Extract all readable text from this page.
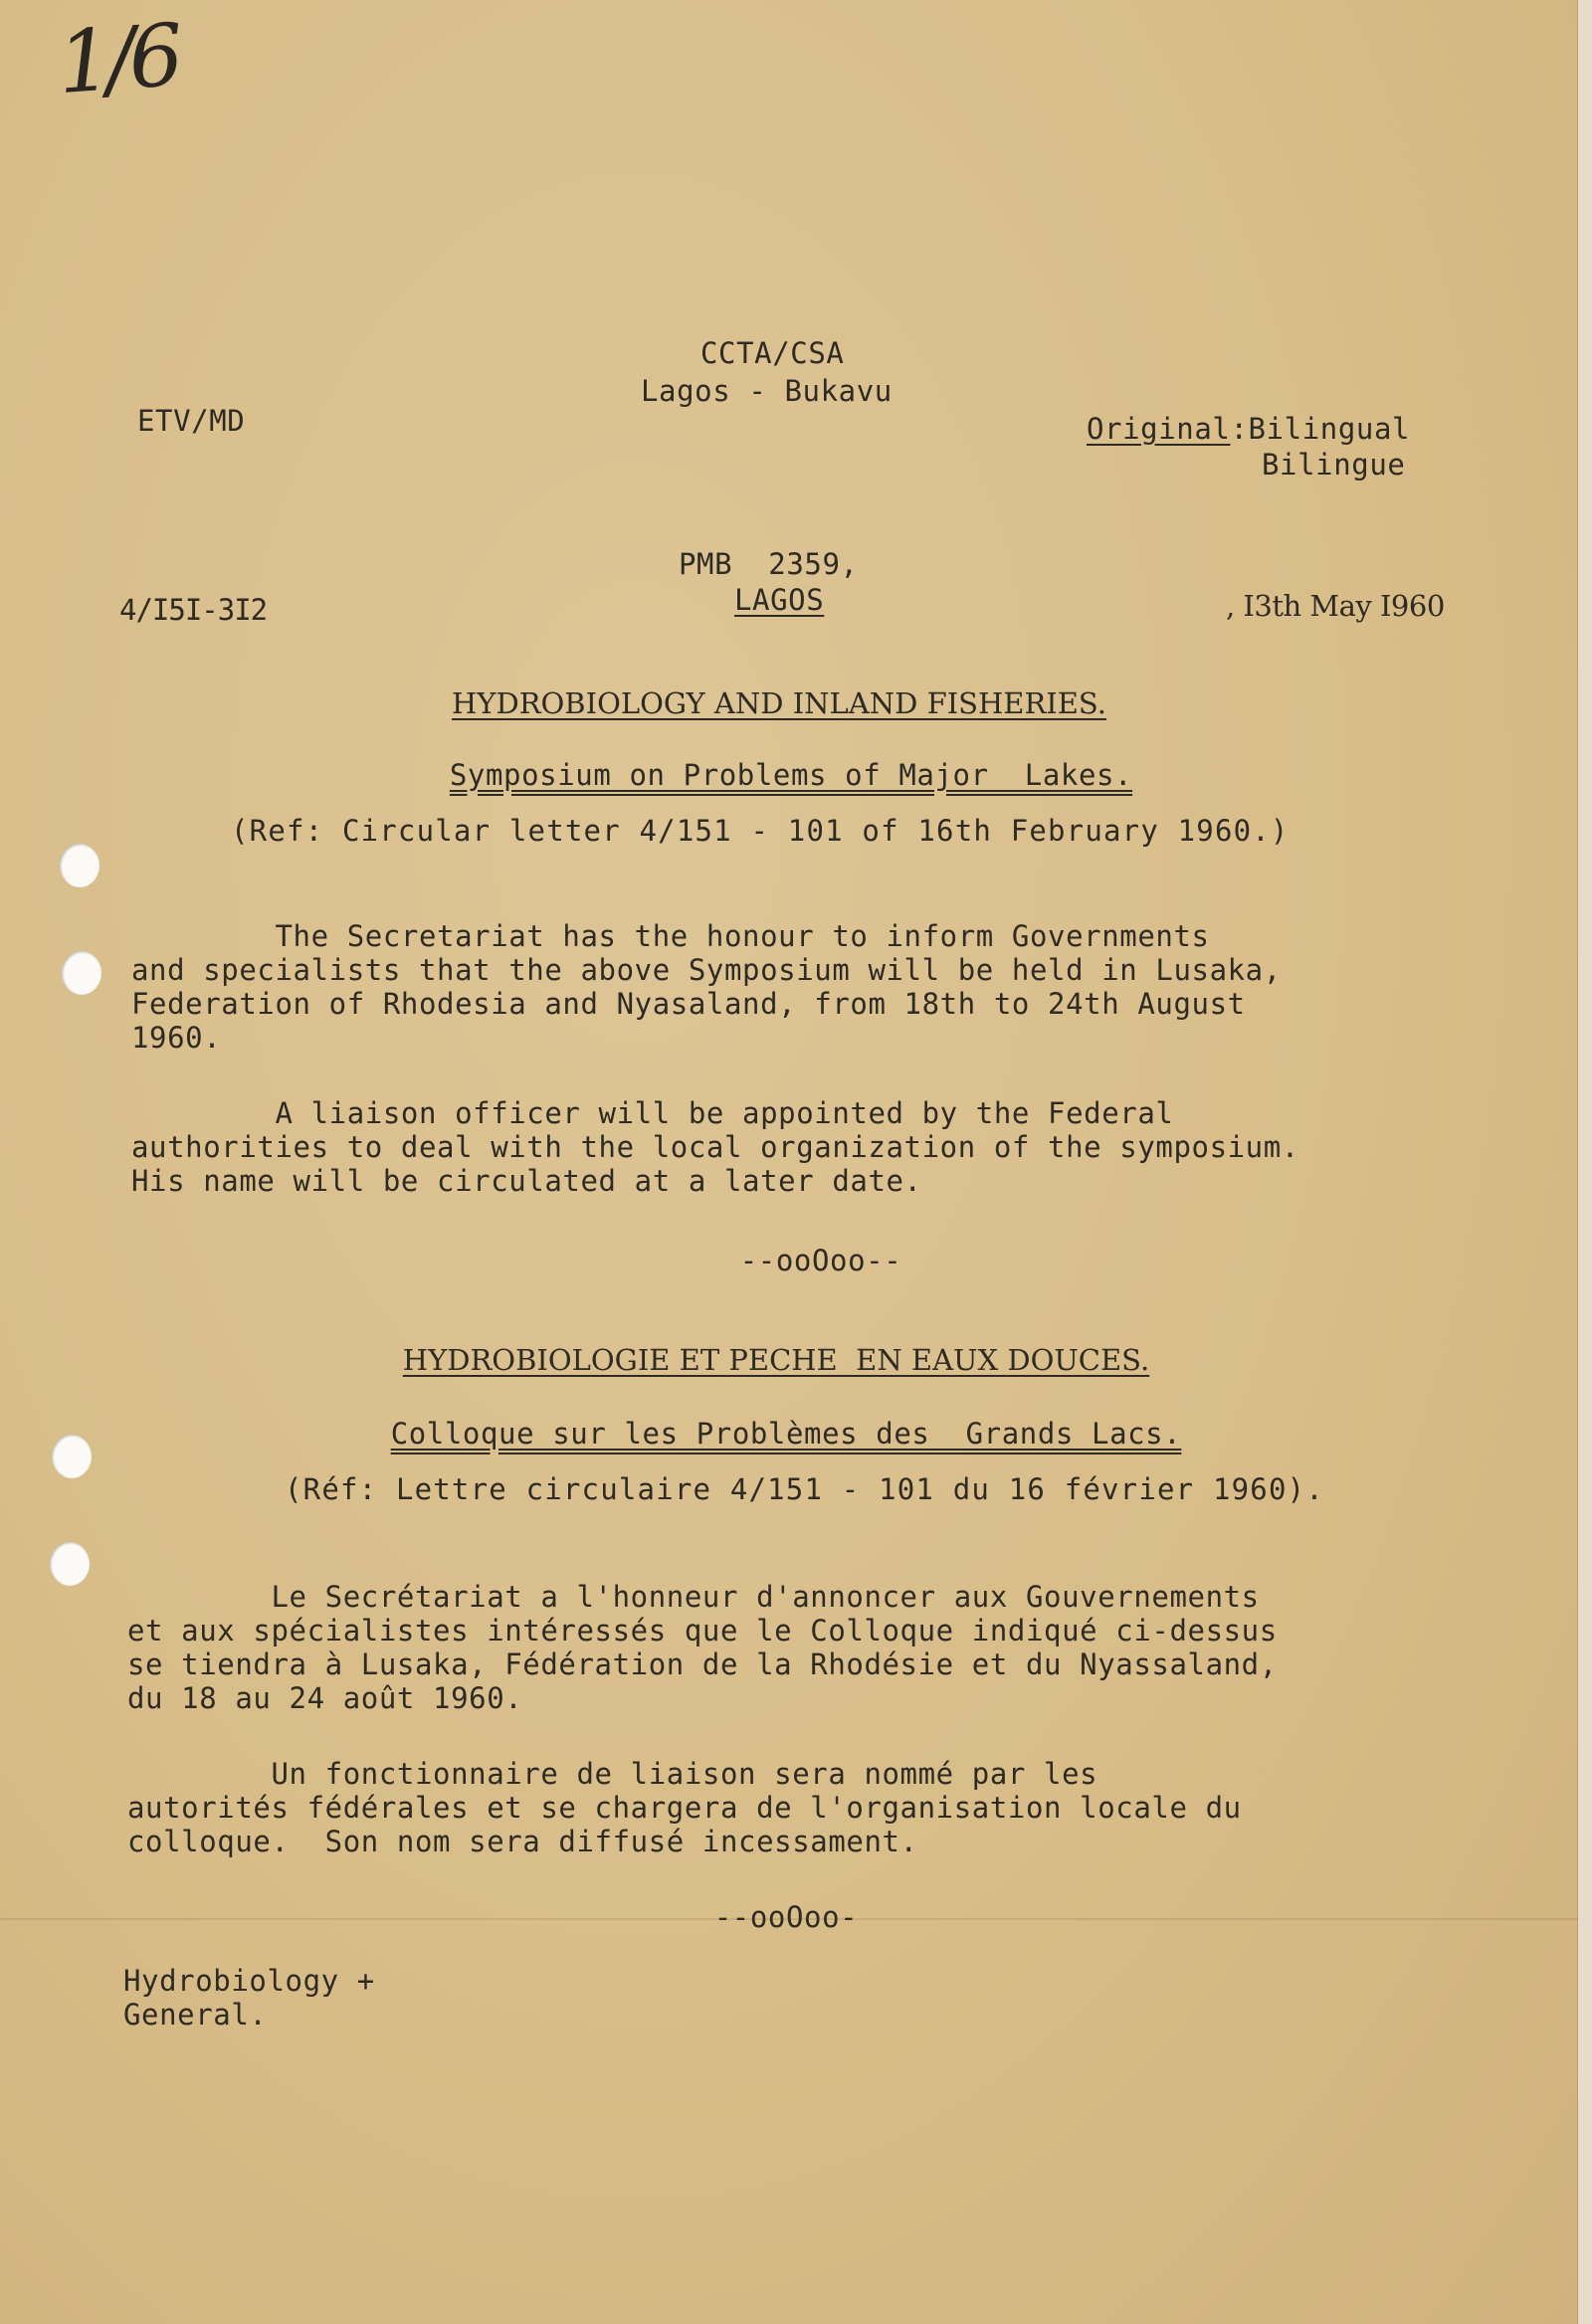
1/6
CCTA/CSA
Lagos - Bukavu
ETV/MD	Original:Bilingual
Bilingue
PMB  2359,
LAGOS
4/I5I-3I2	, I3th May I960
HYDROBIOLOGY AND INLAND FISHERIES.
Symposium on Problems of Major  Lakes.
(Ref: Circular letter 4/151 - 101 of 16th February 1960.)
The Secretariat has the honour to inform Governments
and specialists that the above Symposium will be held in Lusaka,
Federation of Rhodesia and Nyasaland, from 18th to 24th August
1960.
A liaison officer will be appointed by the Federal
authorities to deal with the local organization of the symposium.
His name will be circulated at a later date.
--ooOoo--
HYDROBIOLOGIE ET PECHE  EN EAUX DOUCES.
Colloque sur les Problèmes des  Grands Lacs.
(Réf: Lettre circulaire 4/151 - 101 du 16 février 1960).
Le Secrétariat a l'honneur d'annoncer aux Gouvernements
et aux spécialistes intéressés que le Colloque indiqué ci-dessus
se tiendra à Lusaka, Fédération de la Rhodésie et du Nyassaland,
du 18 au 24 août 1960.
Un fonctionnaire de liaison sera nommé par les
autorités fédérales et se chargera de l'organisation locale du
colloque.  Son nom sera diffusé incessament.
--ooOoo-
Hydrobiology +
General.
